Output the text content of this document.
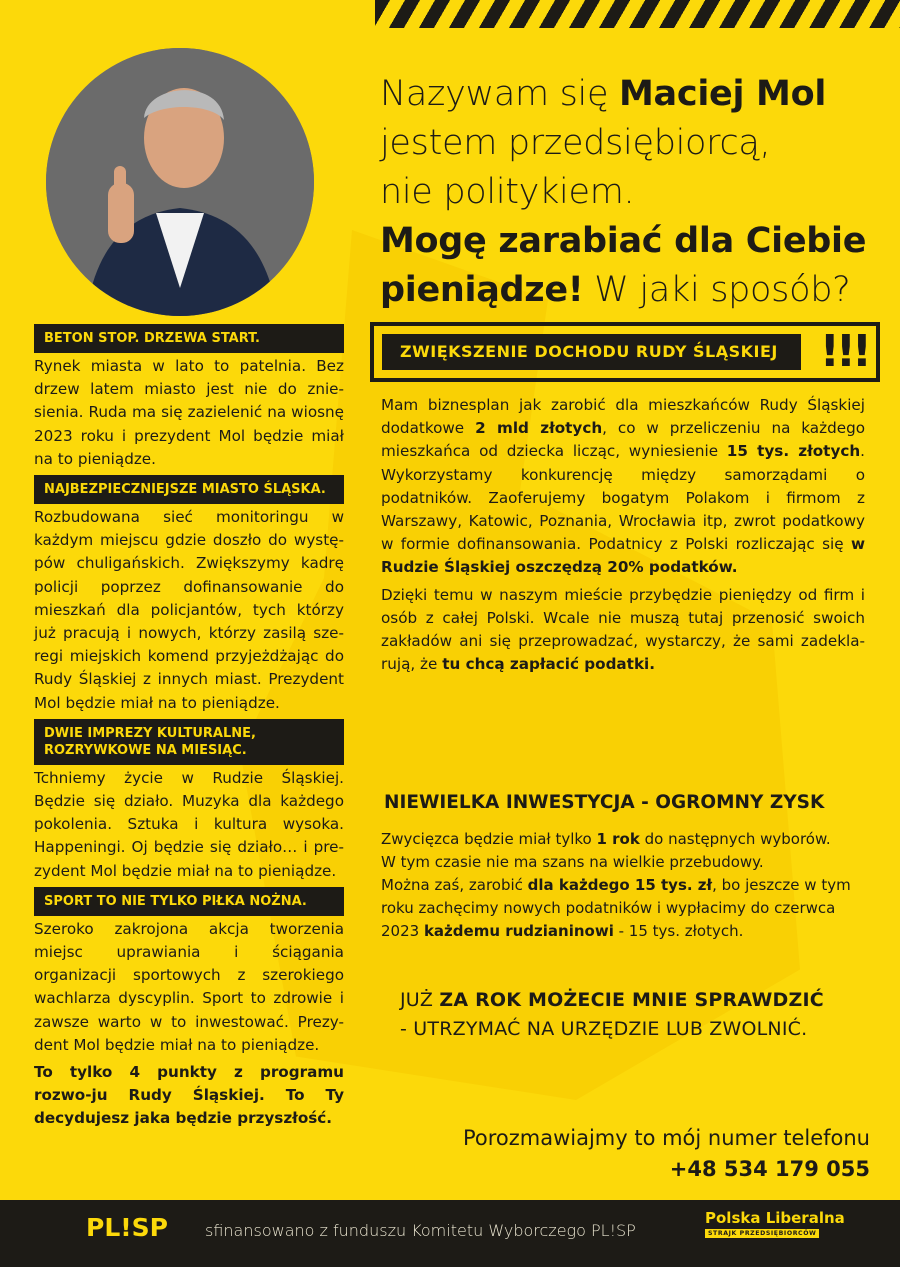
Nazywam się Maciej Mol
jestem przedsiębiorcą,
nie politykiem.
Mogę zarabiać dla Ciebie
pieniądze! W jaki sposób?
BETON STOP. DRZEWA START.
Rynek miasta w lato to patelnia. Bez drzew latem miasto jest nie do znie-sienia. Ruda ma się zazielenić na wiosnę 2023 roku i prezydent Mol będzie miał na to pieniądze.
NAJBEZPIECZNIEJSZE MIASTO ŚLĄSKA.
Rozbudowana sieć monitoringu w każdym miejscu gdzie doszło do wystę-pów chuligańskich. Zwiększymy kadrę policji poprzez dofinansowanie do mieszkań dla policjantów, tych którzy już pracują i nowych, którzy zasilą sze-regi miejskich komend przyjeżdżając do Rudy Śląskiej z innych miast. Prezydent Mol będzie miał na to pieniądze.
DWIE IMPREZY KULTURALNE, ROZRYWKOWE NA MIESIĄC.
Tchniemy życie w Rudzie Śląskiej. Będzie się działo. Muzyka dla każdego pokolenia. Sztuka i kultura wysoka. Happeningi. Oj będzie się działo… i pre-zydent Mol będzie miał na to pieniądze.
SPORT TO NIE TYLKO PIŁKA NOŻNA.
Szeroko zakrojona akcja tworzenia miejsc uprawiania i ściągania organizacji sportowych z szerokiego wachlarza dyscyplin. Sport to zdrowie i zawsze warto w to inwestować. Prezy-dent Mol będzie miał na to pieniądze.
To tylko 4 punkty z programu rozwo-ju Rudy Śląskiej. To Ty decydujesz jaka będzie przyszłość.
ZWIĘKSZENIE DOCHODU RUDY ŚLĄSKIEJ !!!
Mam biznesplan jak zarobić dla mieszkańców Rudy Śląskiej dodatkowe 2 mld złotych, co w przeliczeniu na każdego mieszkańca od dziecka licząc, wyniesienie 15 tys. złotych. Wykorzystamy konkurencję między samorządami o podatników. Zaoferujemy bogatym Polakom i firmom z Warszawy, Katowic, Poznania, Wrocławia itp, zwrot podatkowy w formie dofinansowania. Podatnicy z Polski rozliczając się w Rudzie Śląskiej oszczędzą 20% podatków.
Dzięki temu w naszym mieście przybędzie pieniędzy od firm i osób z całej Polski. Wcale nie muszą tutaj przenosić swoich zakładów ani się przeprowadzać, wystarczy, że sami zadekla-rują, że tu chcą zapłacić podatki.
NIEWIELKA INWESTYCJA - OGROMNY ZYSK
Zwycięzca będzie miał tylko 1 rok do następnych wyborów.
W tym czasie nie ma szans na wielkie przebudowy.
Można zaś, zarobić dla każdego 15 tys. zł, bo jeszcze w tym roku zachęcimy nowych podatników i wypłacimy do czerwca 2023 każdemu rudzianinowi - 15 tys. złotych.
JUŻ ZA ROK MOŻECIE MNIE SPRAWDZIĆ
- UTRZYMAĆ NA URZĘDZIE LUB ZWOLNIĆ.
Porozmawiajmy to mój numer telefonu
+48 534 179 055
PL!SP sfinansowano z funduszu Komitetu Wyborczego PL!SP
Polska Liberalna
STRAJK PRZEDSIĘBIORCÓW
